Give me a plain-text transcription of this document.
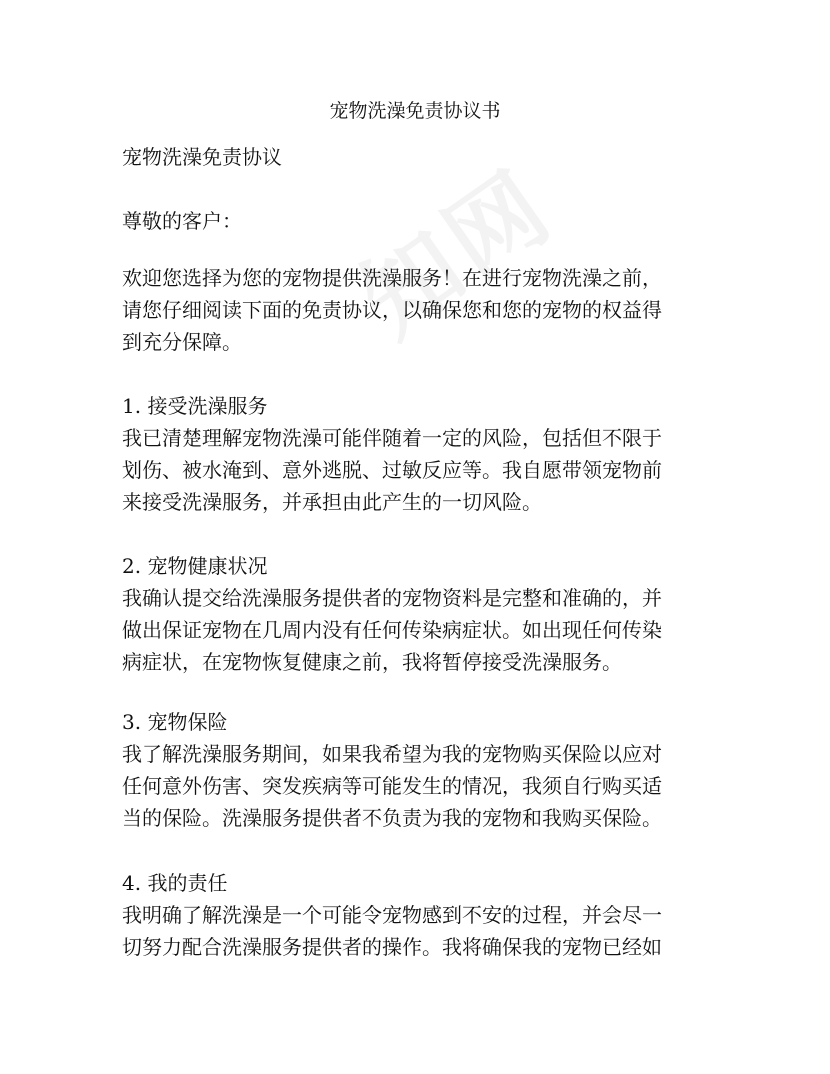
宠物洗澡免责协议书

宠物洗澡免责协议

尊敬的客户：

欢迎您选择为您的宠物提供洗澡服务！在进行宠物洗澡之前，
请您仔细阅读下面的免责协议，以确保您和您的宠物的权益得
到充分保障。

1. 接受洗澡服务
我已清楚理解宠物洗澡可能伴随着一定的风险，包括但不限于
划伤、被水淹到、意外逃脱、过敏反应等。我自愿带领宠物前
来接受洗澡服务，并承担由此产生的一切风险。
2. 宠物健康状况
我确认提交给洗澡服务提供者的宠物资料是完整和准确的，并
做出保证宠物在几周内没有任何传染病症状。如出现任何传染
病症状，在宠物恢复健康之前，我将暂停接受洗澡服务。
3. 宠物保险
我了解洗澡服务期间，如果我希望为我的宠物购买保险以应对
任何意外伤害、突发疾病等可能发生的情况，我须自行购买适
当的保险。洗澡服务提供者不负责为我的宠物和我购买保险。
4. 我的责任
我明确了解洗澡是一个可能令宠物感到不安的过程，并会尽一
切努力配合洗澡服务提供者的操作。我将确保我的宠物已经如
